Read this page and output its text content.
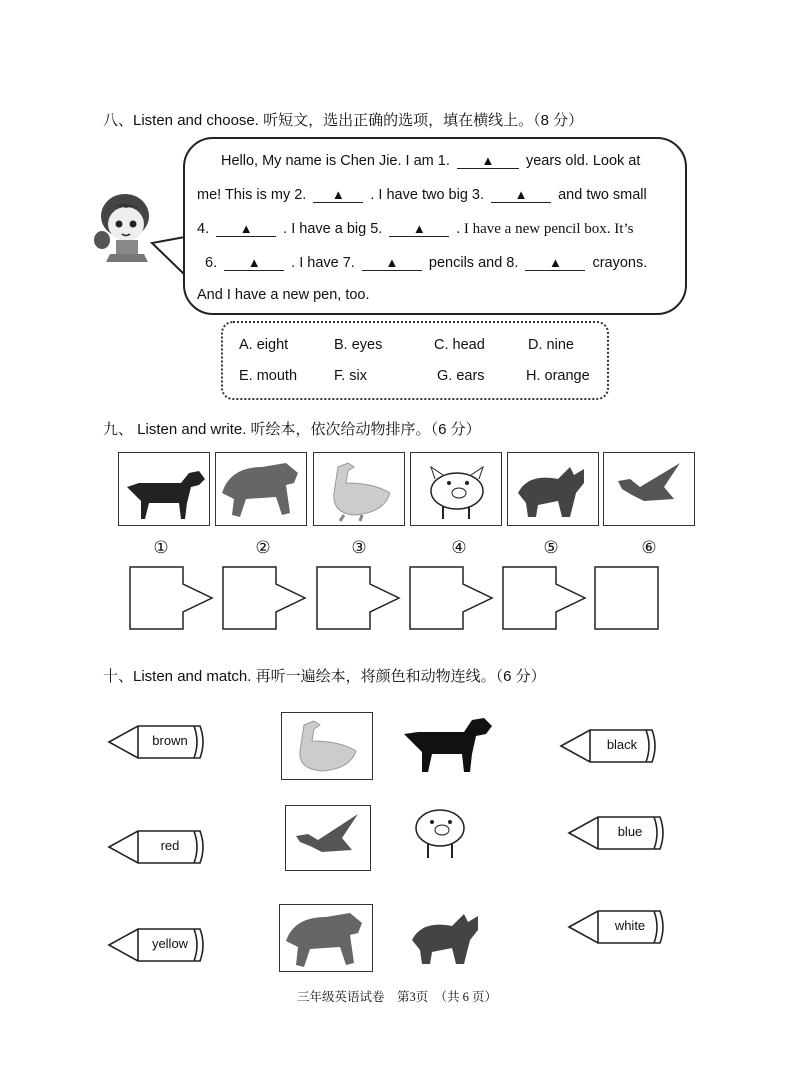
八、Listen and choose. 听短文，选出正确的选项，填在横线上。（8 分）
Hello, My name is Chen Jie. I am 1. ▲ years old. Look at
me! This is my 2. ▲ . I have two big 3. ▲ and two small
4. ▲ . I have a big 5. ▲ . I have a new pencil box. It’s
6. ▲ . I have 7. ▲ pencils and 8. ▲ crayons.
And I have a new pen, too.
A. eight	B. eyes	C. head	D. nine
E. mouth	F. six	G. ears	H. orange
九、 Listen and write. 听绘本，依次给动物排序。（6 分）
①	②	③	④	⑤	⑥
十、Listen and match. 再听一遍绘本，将颜色和动物连线。（6 分）
brown
red
yellow
black
blue
white
三年级英语试卷　第3页　（共 6 页）
